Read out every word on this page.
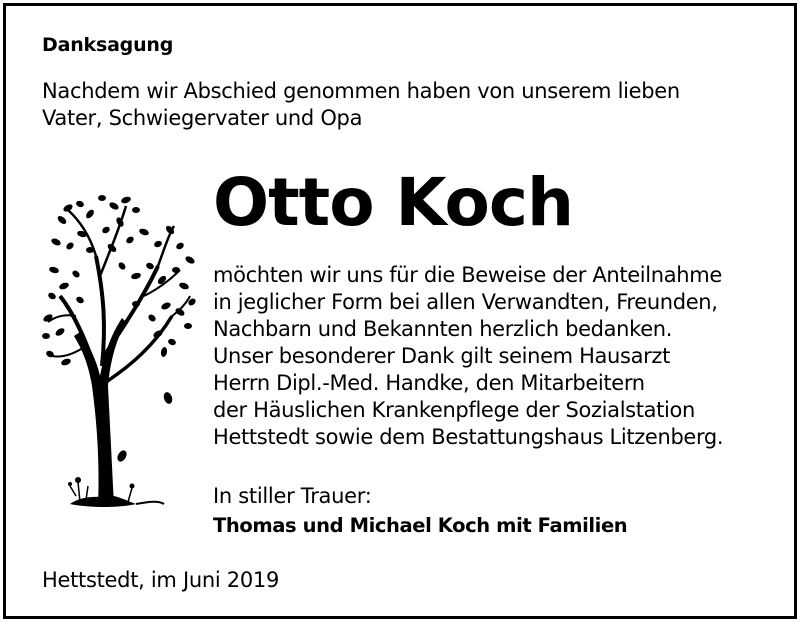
Danksagung
Nachdem wir Abschied genommen haben von unserem lieben
Vater, Schwiegervater und Opa
Otto Koch
möchten wir uns für die Beweise der Anteilnahme
in jeglicher Form bei allen Verwandten, Freunden,
Nachbarn und Bekannten herzlich bedanken.
Unser besonderer Dank gilt seinem Hausarzt
Herrn Dipl.-Med. Handke, den Mitarbeitern
der Häuslichen Krankenpflege der Sozialstation
Hettstedt sowie dem Bestattungshaus Litzenberg.
In stiller Trauer:
Thomas und Michael Koch mit Familien
Hettstedt, im Juni 2019
